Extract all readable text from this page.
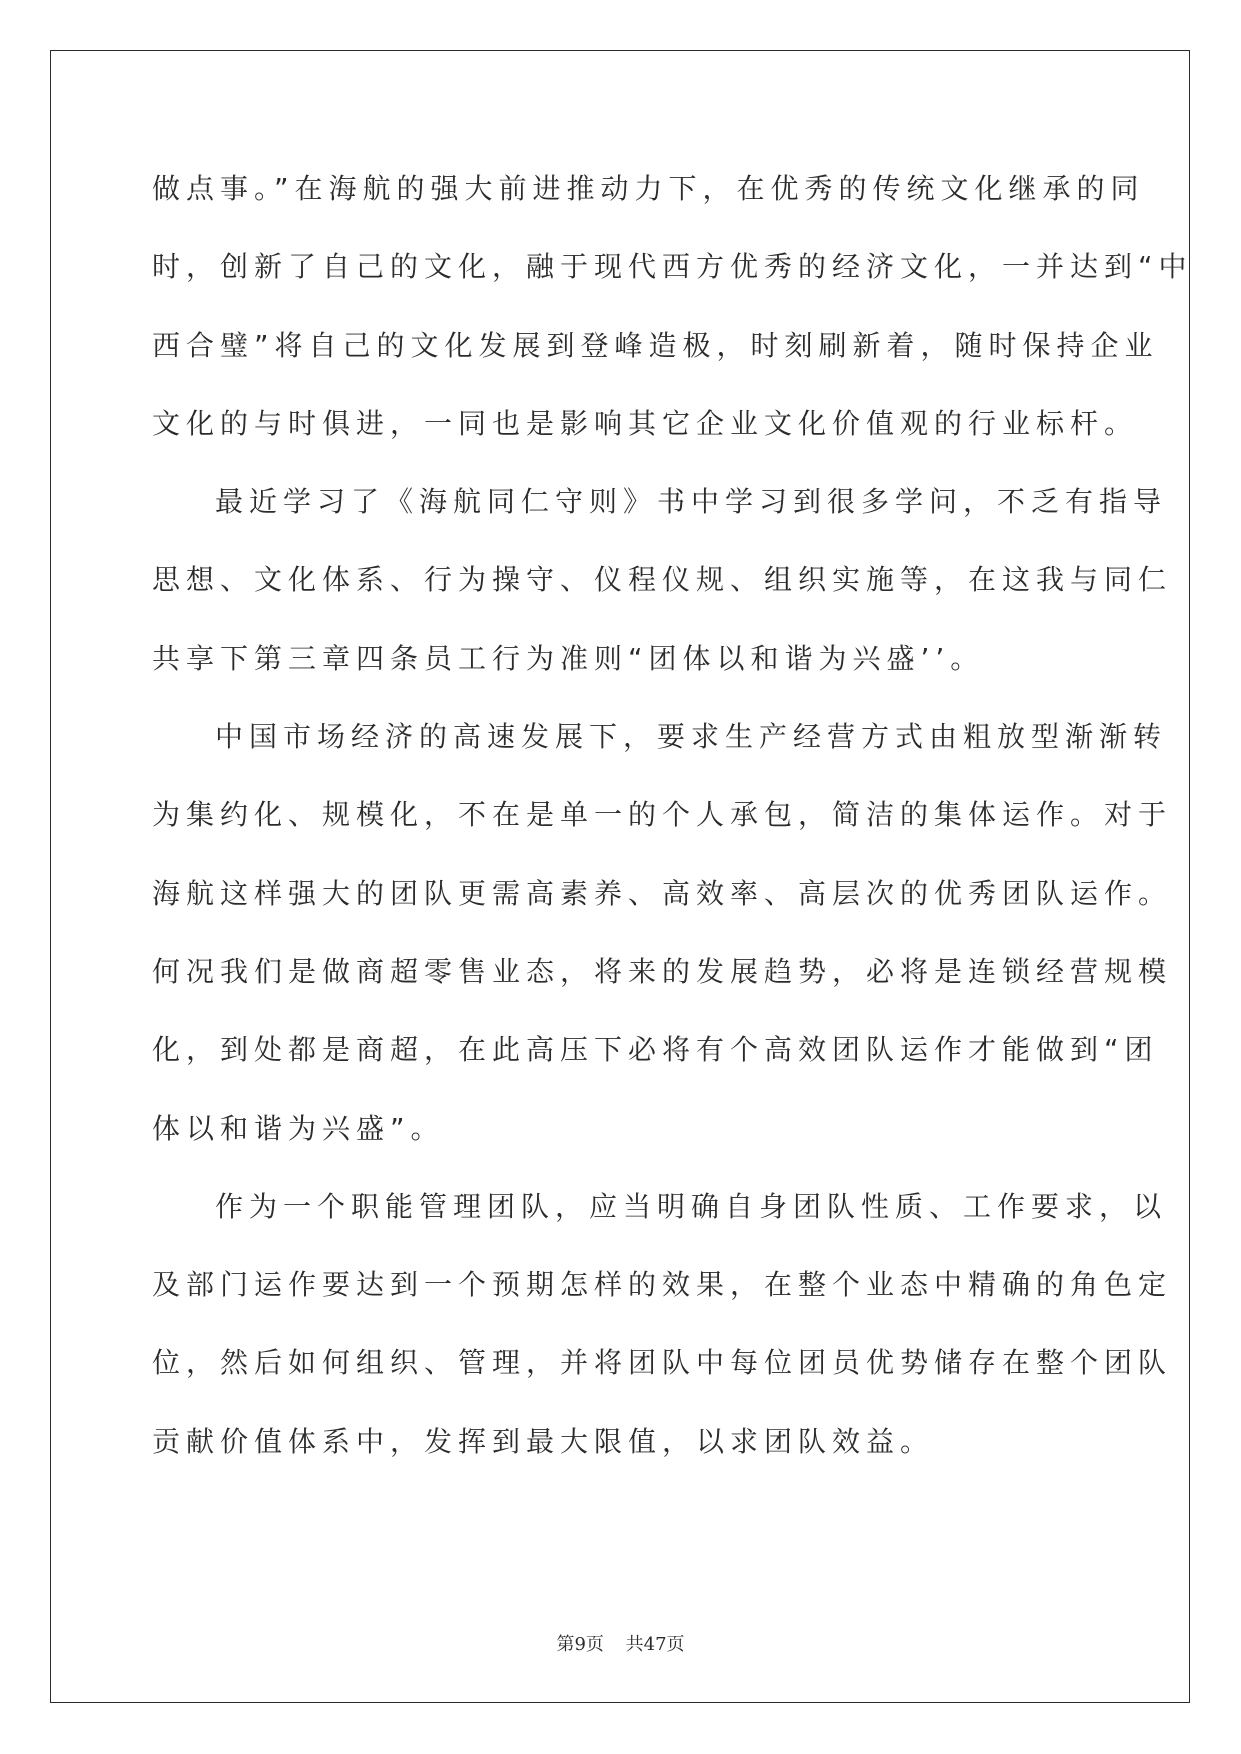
做点事。”在海航的强大前进推动力下，在优秀的传统文化继承的同
时，创新了自己的文化，融于现代西方优秀的经济文化，一并达到“中
西合璧”将自己的文化发展到登峰造极，时刻刷新着，随时保持企业
文化的与时俱进，一同也是影响其它企业文化价值观的行业标杆。
最近学习了《海航同仁守则》书中学习到很多学问，不乏有指导
思想、文化体系、行为操守、仪程仪规、组织实施等，在这我与同仁
共享下第三章四条员工行为准则“团体以和谐为兴盛’’。
中国市场经济的高速发展下，要求生产经营方式由粗放型渐渐转
为集约化、规模化，不在是单一的个人承包，简洁的集体运作。对于
海航这样强大的团队更需高素养、高效率、高层次的优秀团队运作。
何况我们是做商超零售业态，将来的发展趋势，必将是连锁经营规模
化，到处都是商超，在此高压下必将有个高效团队运作才能做到“团
体以和谐为兴盛”。
作为一个职能管理团队，应当明确自身团队性质、工作要求，以
及部门运作要达到一个预期怎样的效果，在整个业态中精确的角色定
位，然后如何组织、管理，并将团队中每位团员优势储存在整个团队
贡献价值体系中，发挥到最大限值，以求团队效益。
第9页 共47页
